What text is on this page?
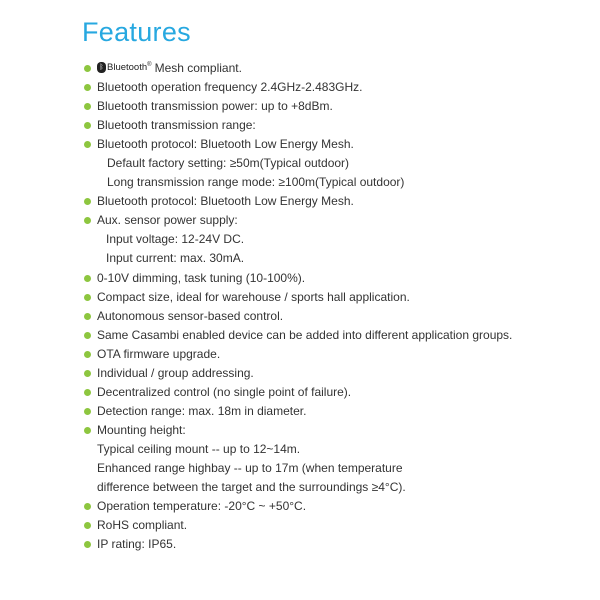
Features
ᛒ Bluetooth® Mesh compliant.
Bluetooth operation frequency 2.4GHz-2.483GHz.
Bluetooth transmission power: up to +8dBm.
Bluetooth transmission range:
Bluetooth protocol: Bluetooth Low Energy Mesh.
Default factory setting: ≥50m(Typical outdoor)
Long transmission range mode: ≥100m(Typical outdoor)
Bluetooth protocol: Bluetooth Low Energy Mesh.
Aux. sensor power supply:
Input voltage: 12-24V DC.
Input current: max. 30mA.
0-10V dimming, task tuning (10-100%).
Compact size, ideal for warehouse / sports hall application.
Autonomous sensor-based control.
Same Casambi enabled device can be added into different application groups.
OTA firmware upgrade.
Individual / group addressing.
Decentralized control (no single point of failure).
Detection range: max. 18m in diameter.
Mounting height:
Typical ceiling mount -- up to 12~14m.
Enhanced range highbay -- up to 17m (when temperature
difference between the target and the surroundings ≥4°C).
Operation temperature: -20°C ~ +50°C.
RoHS compliant.
IP rating: IP65.
